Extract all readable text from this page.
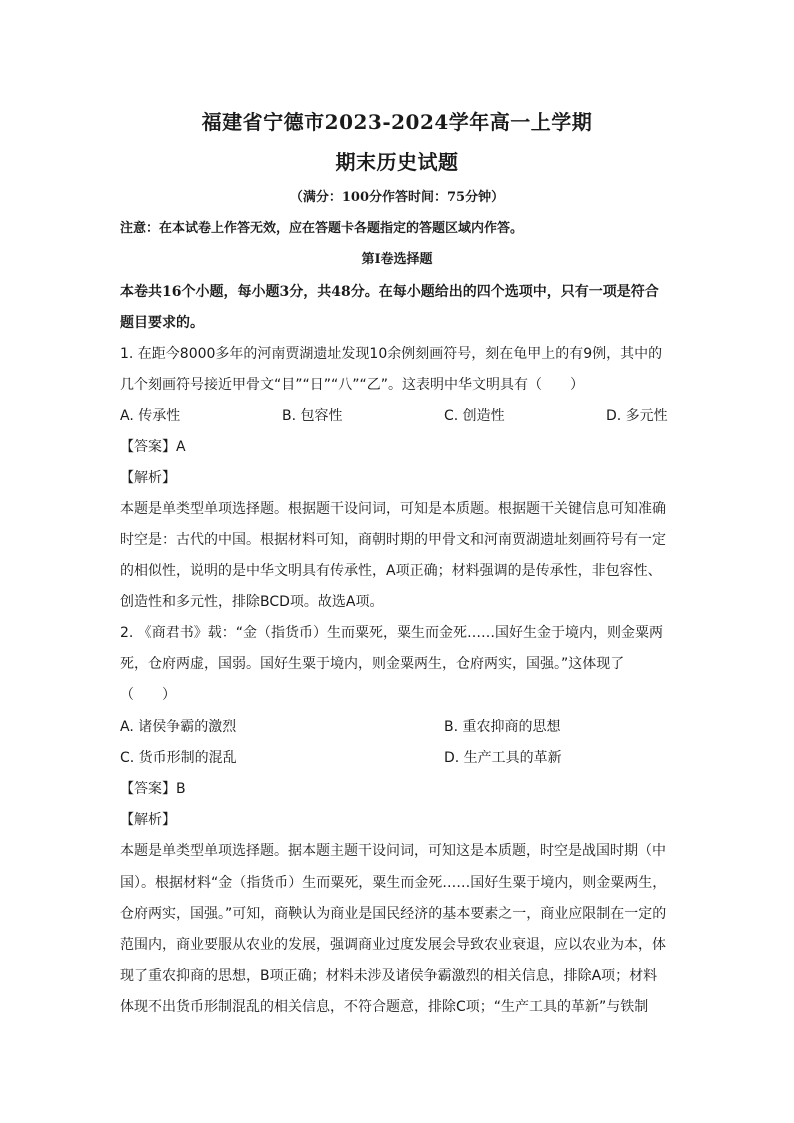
福建省宁德市2023-2024学年高一上学期
期末历史试题
（满分：100分作答时间：75分钟）
注意：在本试卷上作答无效，应在答题卡各题指定的答题区域内作答。
第Ⅰ卷选择题
本卷共16个小题，每小题3分，共48分。在每小题给出的四个选项中，只有一项是符合
题目要求的。
1. 在距今8000多年的河南贾湖遗址发现10余例刻画符号，刻在龟甲上的有9例，其中的
几个刻画符号接近甲骨文“目”“日”“八”“乙”。这表明中华文明具有（　　）
A. 传承性	B. 包容性	C. 创造性	D. 多元性
【答案】A
【解析】
本题是单类型单项选择题。根据题干设问词，可知是本质题。根据题干关键信息可知准确
时空是：古代的中国。根据材料可知，商朝时期的甲骨文和河南贾湖遗址刻画符号有一定
的相似性，说明的是中华文明具有传承性，A项正确；材料强调的是传承性，非包容性、
创造性和多元性，排除BCD项。故选A项。
2. 《商君书》载：“金（指货币）生而粟死，粟生而金死……国好生金于境内，则金粟两
死，仓府两虚，国弱。国好生粟于境内，则金粟两生，仓府两实，国强。”这体现了
（　　）
A. 诸侯争霸的激烈	B. 重农抑商的思想
C. 货币形制的混乱	D. 生产工具的革新
【答案】B
【解析】
本题是单类型单项选择题。据本题主题干设问词，可知这是本质题，时空是战国时期（中
国）。根据材料“金（指货币）生而粟死，粟生而金死……国好生粟于境内，则金粟两生，
仓府两实，国强。”可知，商鞅认为商业是国民经济的基本要素之一，商业应限制在一定的
范围内，商业要服从农业的发展，强调商业过度发展会导致农业衰退，应以农业为本，体
现了重农抑商的思想，B项正确；材料未涉及诸侯争霸激烈的相关信息，排除A项；材料
体现不出货币形制混乱的相关信息，不符合题意，排除C项；“生产工具的革新”与铁制
